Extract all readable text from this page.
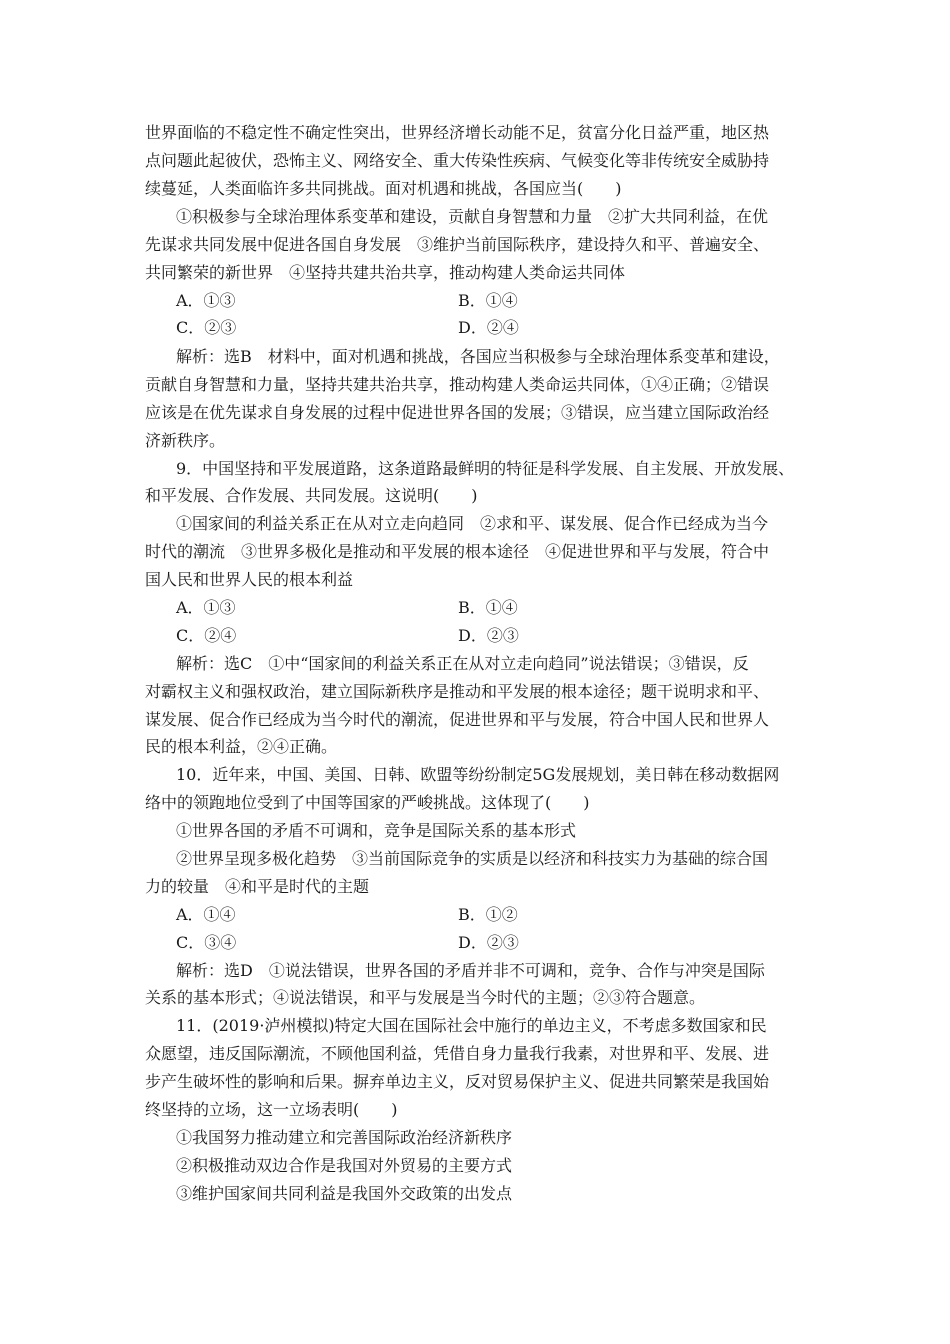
世界面临的不稳定性不确定性突出，世界经济增长动能不足，贫富分化日益严重，地区热
点问题此起彼伏，恐怖主义、网络安全、重大传染性疾病、气候变化等非传统安全威胁持
续蔓延，人类面临许多共同挑战。面对机遇和挑战，各国应当(　　)
①积极参与全球治理体系变革和建设，贡献自身智慧和力量　②扩大共同利益，在优
先谋求共同发展中促进各国自身发展　③维护当前国际秩序，建设持久和平、普遍安全、
共同繁荣的新世界　④坚持共建共治共享，推动构建人类命运共同体
A．①③	B．①④
C．②③	D．②④
解析：选B　材料中，面对机遇和挑战，各国应当积极参与全球治理体系变革和建设，
贡献自身智慧和力量，坚持共建共治共享，推动构建人类命运共同体，①④正确；②错误
应该是在优先谋求自身发展的过程中促进世界各国的发展；③错误，应当建立国际政治经
济新秩序。
9．中国坚持和平发展道路，这条道路最鲜明的特征是科学发展、自主发展、开放发展、
和平发展、合作发展、共同发展。这说明(　　)
①国家间的利益关系正在从对立走向趋同　②求和平、谋发展、促合作已经成为当今
时代的潮流　③世界多极化是推动和平发展的根本途径　④促进世界和平与发展，符合中
国人民和世界人民的根本利益
A．①③	B．①④
C．②④	D．②③
解析：选C　①中“国家间的利益关系正在从对立走向趋同”说法错误；③错误，反
对霸权主义和强权政治，建立国际新秩序是推动和平发展的根本途径；题干说明求和平、
谋发展、促合作已经成为当今时代的潮流，促进世界和平与发展，符合中国人民和世界人
民的根本利益，②④正确。
10．近年来，中国、美国、日韩、欧盟等纷纷制定5G发展规划，美日韩在移动数据网
络中的领跑地位受到了中国等国家的严峻挑战。这体现了(　　)
①世界各国的矛盾不可调和，竞争是国际关系的基本形式
②世界呈现多极化趋势　③当前国际竞争的实质是以经济和科技实力为基础的综合国
力的较量　④和平是时代的主题
A．①④	B．①②
C．③④	D．②③
解析：选D　①说法错误，世界各国的矛盾并非不可调和，竞争、合作与冲突是国际
关系的基本形式；④说法错误，和平与发展是当今时代的主题；②③符合题意。
11．(2019·泸州模拟)特定大国在国际社会中施行的单边主义，不考虑多数国家和民
众愿望，违反国际潮流，不顾他国利益，凭借自身力量我行我素，对世界和平、发展、进
步产生破坏性的影响和后果。摒弃单边主义，反对贸易保护主义、促进共同繁荣是我国始
终坚持的立场，这一立场表明(　　)
①我国努力推动建立和完善国际政治经济新秩序
②积极推动双边合作是我国对外贸易的主要方式
③维护国家间共同利益是我国外交政策的出发点
